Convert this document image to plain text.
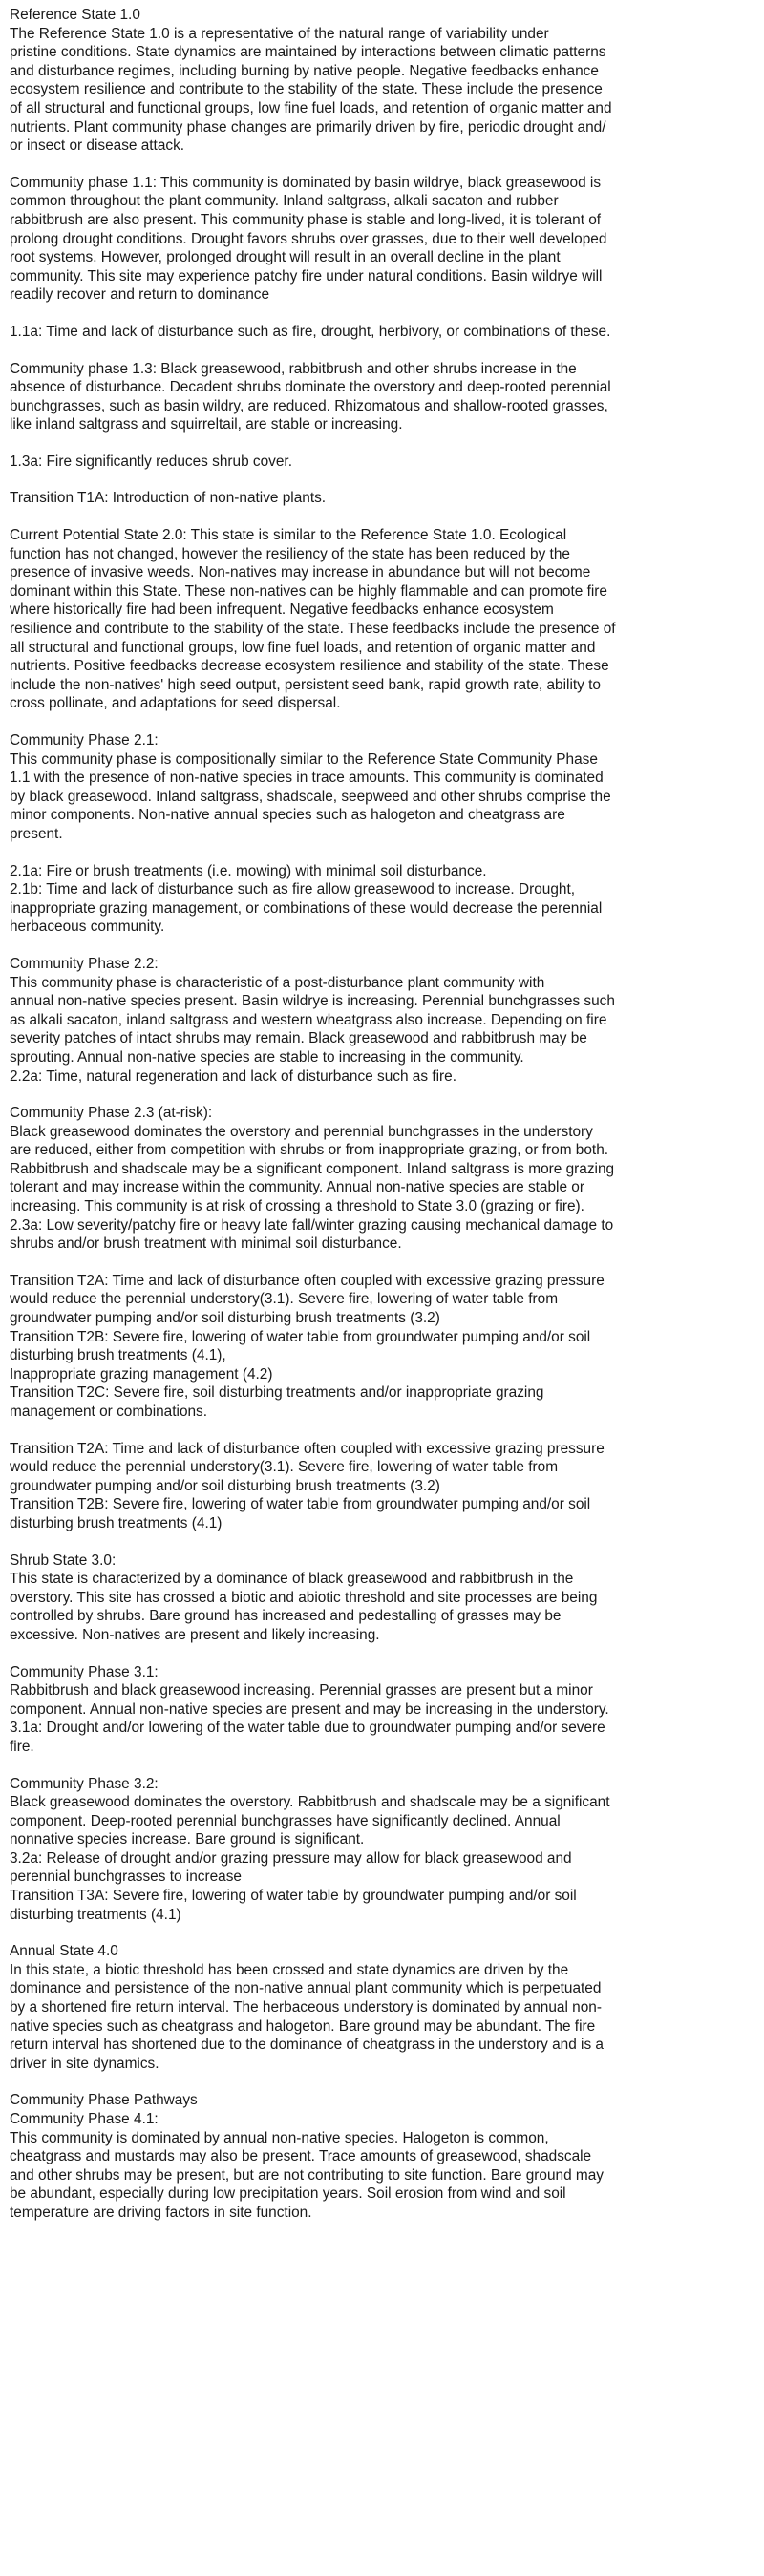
Reference State 1.0
The Reference State 1.0 is a representative of the natural range of variability under
pristine conditions. State dynamics are maintained by interactions between climatic patterns
and disturbance regimes, including burning by native people. Negative feedbacks enhance
ecosystem resilience and contribute to the stability of the state. These include the presence
of all structural and functional groups, low fine fuel loads, and retention of organic matter and
nutrients. Plant community phase changes are primarily driven by fire, periodic drought and/
or insect or disease attack.
Community phase 1.1: This community is dominated by basin wildrye, black greasewood is
common throughout the plant community. Inland saltgrass, alkali sacaton and rubber
rabbitbrush are also present. This community phase is stable and long-lived, it is tolerant of
prolong drought conditions. Drought favors shrubs over grasses, due to their well developed
root systems. However, prolonged drought will result in an overall decline in the plant
community. This site may experience patchy fire under natural conditions. Basin wildrye will
readily recover and return to dominance
1.1a: Time and lack of disturbance such as fire, drought, herbivory, or combinations of these.
Community phase 1.3: Black greasewood, rabbitbrush and other shrubs increase in the
absence of disturbance. Decadent shrubs dominate the overstory and deep-rooted perennial
bunchgrasses, such as basin wildry, are reduced. Rhizomatous and shallow-rooted grasses,
like inland saltgrass and squirreltail, are stable or increasing.
1.3a: Fire significantly reduces shrub cover.
Transition T1A: Introduction of non-native plants.
Current Potential State 2.0: This state is similar to the Reference State 1.0. Ecological
function has not changed, however the resiliency of the state has been reduced by the
presence of invasive weeds. Non-natives may increase in abundance but will not become
dominant within this State. These non-natives can be highly flammable and can promote fire
where historically fire had been infrequent. Negative feedbacks enhance ecosystem
resilience and contribute to the stability of the state. These feedbacks include the presence of
all structural and functional groups, low fine fuel loads, and retention of organic matter and
nutrients. Positive feedbacks decrease ecosystem resilience and stability of the state. These
include the non-natives' high seed output, persistent seed bank, rapid growth rate, ability to
cross pollinate, and adaptations for seed dispersal.
Community Phase 2.1:
This community phase is compositionally similar to the Reference State Community Phase
1.1 with the presence of non-native species in trace amounts. This community is dominated
by black greasewood. Inland saltgrass, shadscale, seepweed and other shrubs comprise the
minor components. Non-native annual species such as halogeton and cheatgrass are
present.
2.1a: Fire or brush treatments (i.e. mowing) with minimal soil disturbance.
2.1b: Time and lack of disturbance such as fire allow greasewood to increase. Drought,
inappropriate grazing management, or combinations of these would decrease the perennial
herbaceous community.
Community Phase 2.2:
This community phase is characteristic of a post-disturbance plant community with
annual non-native species present. Basin wildrye is increasing. Perennial bunchgrasses such
as alkali sacaton, inland saltgrass and western wheatgrass also increase. Depending on fire
severity patches of intact shrubs may remain. Black greasewood and rabbitbrush may be
sprouting. Annual non-native species are stable to increasing in the community.
2.2a: Time, natural regeneration and lack of disturbance such as fire.
Community Phase 2.3 (at-risk):
Black greasewood dominates the overstory and perennial bunchgrasses in the understory
are reduced, either from competition with shrubs or from inappropriate grazing, or from both.
Rabbitbrush and shadscale may be a significant component. Inland saltgrass is more grazing
tolerant and may increase within the community. Annual non-native species are stable or
increasing. This community is at risk of crossing a threshold to State 3.0 (grazing or fire).
2.3a: Low severity/patchy fire or heavy late fall/winter grazing causing mechanical damage to
shrubs and/or brush treatment with minimal soil disturbance.
Transition T2A: Time and lack of disturbance often coupled with excessive grazing pressure
would reduce the perennial understory(3.1). Severe fire, lowering of water table from
groundwater pumping and/or soil disturbing brush treatments (3.2)
Transition T2B: Severe fire, lowering of water table from groundwater pumping and/or soil
disturbing brush treatments (4.1),
Inappropriate grazing management (4.2)
Transition T2C: Severe fire, soil disturbing treatments and/or inappropriate grazing
management or combinations.
Transition T2A: Time and lack of disturbance often coupled with excessive grazing pressure
would reduce the perennial understory(3.1). Severe fire, lowering of water table from
groundwater pumping and/or soil disturbing brush treatments (3.2)
Transition T2B: Severe fire, lowering of water table from groundwater pumping and/or soil
disturbing brush treatments (4.1)
Shrub State 3.0:
This state is characterized by a dominance of black greasewood and rabbitbrush in the
overstory. This site has crossed a biotic and abiotic threshold and site processes are being
controlled by shrubs. Bare ground has increased and pedestalling of grasses may be
excessive. Non-natives are present and likely increasing.
Community Phase 3.1:
Rabbitbrush and black greasewood increasing. Perennial grasses are present but a minor
component. Annual non-native species are present and may be increasing in the understory.
3.1a: Drought and/or lowering of the water table due to groundwater pumping and/or severe
fire.
Community Phase 3.2:
Black greasewood dominates the overstory. Rabbitbrush and shadscale may be a significant
component. Deep-rooted perennial bunchgrasses have significantly declined. Annual
nonnative species increase. Bare ground is significant.
3.2a: Release of drought and/or grazing pressure may allow for black greasewood and
perennial bunchgrasses to increase
Transition T3A: Severe fire, lowering of water table by groundwater pumping and/or soil
disturbing treatments (4.1)
Annual State 4.0
In this state, a biotic threshold has been crossed and state dynamics are driven by the
dominance and persistence of the non-native annual plant community which is perpetuated
by a shortened fire return interval. The herbaceous understory is dominated by annual non-
native species such as cheatgrass and halogeton. Bare ground may be abundant. The fire
return interval has shortened due to the dominance of cheatgrass in the understory and is a
driver in site dynamics.
Community Phase Pathways
Community Phase 4.1:
This community is dominated by annual non-native species. Halogeton is common,
cheatgrass and mustards may also be present. Trace amounts of greasewood, shadscale
and other shrubs may be present, but are not contributing to site function. Bare ground may
be abundant, especially during low precipitation years. Soil erosion from wind and soil
temperature are driving factors in site function.
